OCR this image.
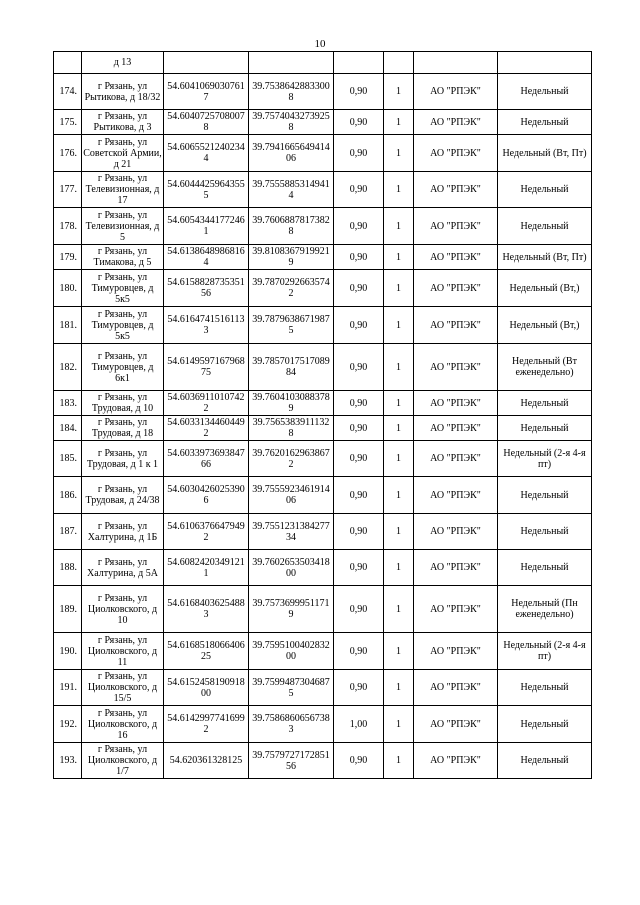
10
	д 13						
174.	г Рязань, ул Рытикова, д 18/32	54.60410690307617	39.75386428833008	0,90	1	АО "РПЭК"	Недельный
175.	г Рязань, ул Рытикова, д 3	54.60407257080078	39.75740432739258	0,90	1	АО "РПЭК"	Недельный
176.	г Рязань, ул Советской Армии, д 21	54.60655212402344	39.794166564941406	0,90	1	АО "РПЭК"	Недельный (Вт, Пт)
177.	г Рязань, ул Телевизионная, д 17	54.60444259643555	39.75558853149414	0,90	1	АО "РПЭК"	Недельный
178.	г Рязань, ул Телевизионная, д 5	54.60543441772461	39.76068878173828	0,90	1	АО "РПЭК"	Недельный
179.	г Рязань, ул Тимакова, д 5	54.61386489868164	39.81083679199219	0,90	1	АО "РПЭК"	Недельный (Вт, Пт)
180.	г Рязань, ул Тимуровцев, д 5к5	54.615882873535156	39.78702926635742	0,90	1	АО "РПЭК"	Недельный (Вт,)
181.	г Рязань, ул Тимуровцев, д 5к5	54.61647415161133	39.78796386719875	0,90	1	АО "РПЭК"	Недельный (Вт,)
182.	г Рязань, ул Тимуровцев, д 6к1	54.614959716796875	39.785701751708984	0,90	1	АО "РПЭК"	Недельный (Вт еженедельно)
183.	г Рязань, ул Трудовая, д 10	54.60369110107422	39.76041030883789	0,90	1	АО "РПЭК"	Недельный
184.	г Рязань, ул Трудовая, д 18	54.60331344604492	39.75653839111328	0,90	1	АО "РПЭК"	Недельный
185.	г Рязань, ул Трудовая, д 1 к 1	54.603397369384766	39.76201629638672	0,90	1	АО "РПЭК"	Недельный (2-я 4-я пт)
186.	г Рязань, ул Трудовая, д 24/38	54.60304260253906	39.755592346191406	0,90	1	АО "РПЭК"	Недельный
187.	г Рязань, ул Халтурина, д 1Б	54.61063766479492	39.755123138427734	0,90	1	АО "РПЭК"	Недельный
188.	г Рязань, ул Халтурина, д 5А	54.60824203491211	39.760265350341800	0,90	1	АО "РПЭК"	Недельный
189.	г Рязань, ул Циолковского, д 10	54.61684036254883	39.75736999511719	0,90	1	АО "РПЭК"	Недельный (Пн еженедельно)
190.	г Рязань, ул Циолковского, д 11	54.616851806640625	39.759510040283200	0,90	1	АО "РПЭК"	Недельный (2-я 4-я пт)
191.	г Рязань, ул Циолковского, д 15/5	54.615245819091800	39.75994873046875	0,90	1	АО "РПЭК"	Недельный
192.	г Рязань, ул Циолковского, д 16	54.61429977416992	39.75868606567383	1,00	1	АО "РПЭК"	Недельный
193.	г Рязань, ул Циолковского, д 1/7	54.620361328125	39.757972717285156	0,90	1	АО "РПЭК"	Недельный
